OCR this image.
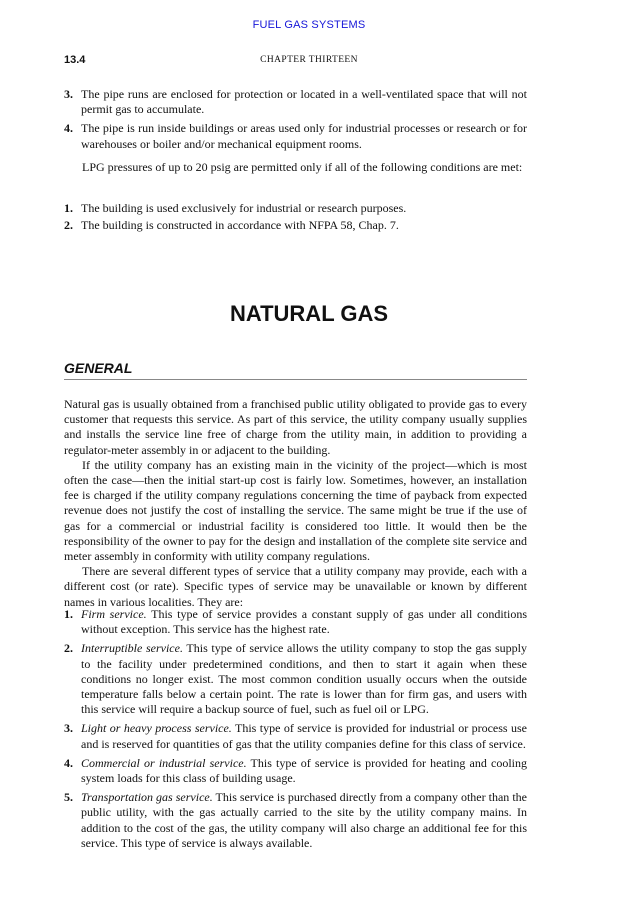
FUEL GAS SYSTEMS
13.4	CHAPTER THIRTEEN
3. The pipe runs are enclosed for protection or located in a well-ventilated space that will not permit gas to accumulate.
4. The pipe is run inside buildings or areas used only for industrial processes or research or for warehouses or boiler and/or mechanical equipment rooms.

LPG pressures of up to 20 psig are permitted only if all of the following conditions are met:

1. The building is used exclusively for industrial or research purposes.
2. The building is constructed in accordance with NFPA 58, Chap. 7.
NATURAL GAS
GENERAL

Natural gas is usually obtained from a franchised public utility obligated to provide gas to every customer that requests this service. As part of this service, the utility company usually supplies and installs the service line free of charge from the utility main, in addition to providing a regulator-meter assembly in or adjacent to the building.

If the utility company has an existing main in the vicinity of the project—which is most often the case—then the initial start-up cost is fairly low. Sometimes, however, an installation fee is charged if the utility company regulations concerning the time of payback from expected revenue does not justify the cost of installing the service. The same might be true if the use of gas for a commercial or industrial facility is considered too little. It would then be the responsibility of the owner to pay for the design and installation of the complete site service and meter assembly in conformity with utility company regulations.

There are several different types of service that a utility company may provide, each with a different cost (or rate). Specific types of service may be unavailable or known by different names in various localities. They are:

1. Firm service. This type of service provides a constant supply of gas under all conditions without exception. This service has the highest rate.
2. Interruptible service. This type of service allows the utility company to stop the gas supply to the facility under predetermined conditions, and then to start it again when these conditions no longer exist. The most common condition usually occurs when the outside temperature falls below a certain point. The rate is lower than for firm gas, and users with this service will require a backup source of fuel, such as fuel oil or LPG.
3. Light or heavy process service. This type of service is provided for industrial or process use and is reserved for quantities of gas that the utility companies define for this class of service.
4. Commercial or industrial service. This type of service is provided for heating and cooling system loads for this class of building usage.
5. Transportation gas service. This service is purchased directly from a company other than the public utility, with the gas actually carried to the site by the utility company mains. In addition to the cost of the gas, the utility company will also charge an additional fee for this service. This type of service is always available.
